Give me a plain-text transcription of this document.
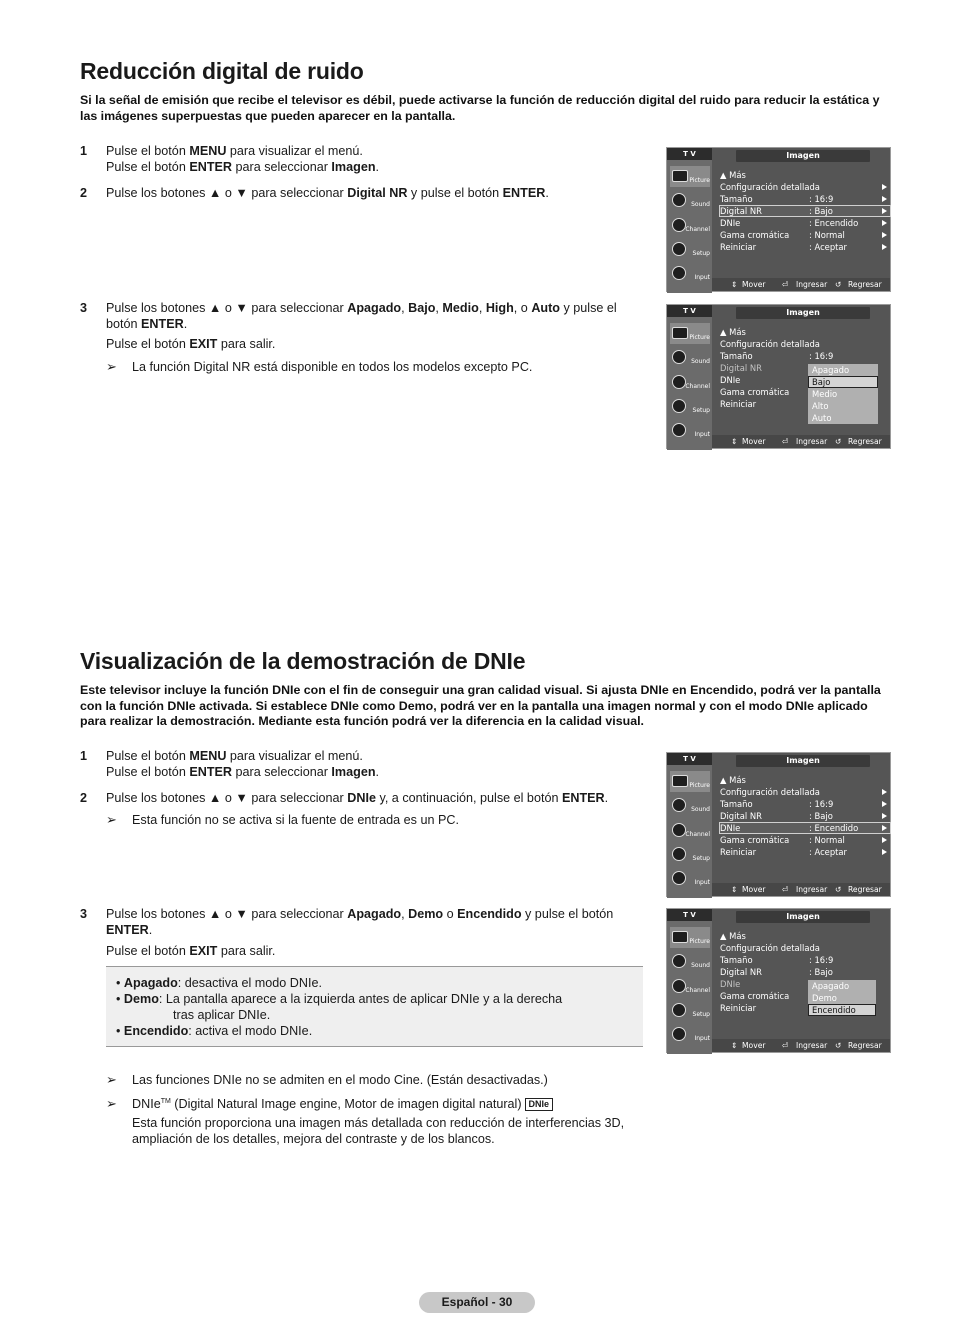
Reducción digital de ruido

Si la señal de emisión que recibe el televisor es débil, puede activarse la función de reducción digital del ruido para reducir la estática y las imágenes superpuestas que pueden aparecer en la pantalla.

1 Pulse el botón MENU para visualizar el menú.
Pulse el botón ENTER para seleccionar Imagen.
2 Pulse los botones ▲ o ▼ para seleccionar Digital NR y pulse el botón ENTER.
3 Pulse los botones ▲ o ▼ para seleccionar Apagado, Bajo, Medio, High, o Auto y pulse el
botón ENTER.
Pulse el botón EXIT para salir.
➢ La función Digital NR está disponible en todos los modelos excepto PC.
T V
Picture
Sound
Channel
Setup
Input
Imagen
▲ Más
Configuración detallada
Tamaño	: 16:9
Digital NR	: Bajo
DNIe	: Encendido
Gama cromática : Normal
Reiniciar	: Aceptar
⇕ Mover ⏎ Ingresar ↺ Regresar
T V
Picture
Sound
Channel
Setup
Input
Imagen
▲ Más
Configuración detallada
Tamaño	: 16:9
Digital NR
DNIe
Gama cromática
Reiniciar
Apagado
Bajo
Medio
Alto
Auto
⇕ Mover ⏎ Ingresar ↺ Regresar
Visualización de la demostración de DNIe

Este televisor incluye la función DNIe con el fin de conseguir una gran calidad visual. Si ajusta DNIe en Encendido, podrá ver la pantalla con la función DNIe activada. Si establece DNIe como Demo, podrá ver en la pantalla una imagen normal y con el modo DNIe aplicado para realizar la demostración. Mediante esta función podrá ver la diferencia en la calidad visual.

1 Pulse el botón MENU para visualizar el menú.
Pulse el botón ENTER para seleccionar Imagen.
2 Pulse los botones ▲ o ▼ para seleccionar DNIe y, a continuación, pulse el botón ENTER.
➢ Esta función no se activa si la fuente de entrada es un PC.
3 Pulse los botones ▲ o ▼ para seleccionar Apagado, Demo o Encendido y pulse el botón
ENTER.
Pulse el botón EXIT para salir.
• Apagado: desactiva el modo DNIe.
• Demo: La pantalla aparece a la izquierda antes de aplicar DNIe y a la derecha
tras aplicar DNIe.
• Encendido: activa el modo DNIe.
➢ Las funciones DNIe no se admiten en el modo Cine. (Están desactivadas.)
➢ DNIe™ (Digital Natural Image engine, Motor de imagen digital natural) DNIe
Esta función proporciona una imagen más detallada con reducción de interferencias 3D,
ampliación de los detalles, mejora del contraste y de los blancos.
T V
Picture
Sound
Channel
Setup
Input
Imagen
▲ Más
Configuración detallada
Tamaño	: 16:9
Digital NR	: Bajo
DNIe	: Encendido
Gama cromática : Normal
Reiniciar	: Aceptar
⇕ Mover ⏎ Ingresar ↺ Regresar
T V
Picture
Sound
Channel
Setup
Input
Imagen
▲ Más
Configuración detallada
Tamaño	: 16:9
Digital NR	: Bajo
DNIe
Gama cromática
Reiniciar
Apagado
Demo
Encendido
⇕ Mover ⏎ Ingresar ↺ Regresar
Español - 30
